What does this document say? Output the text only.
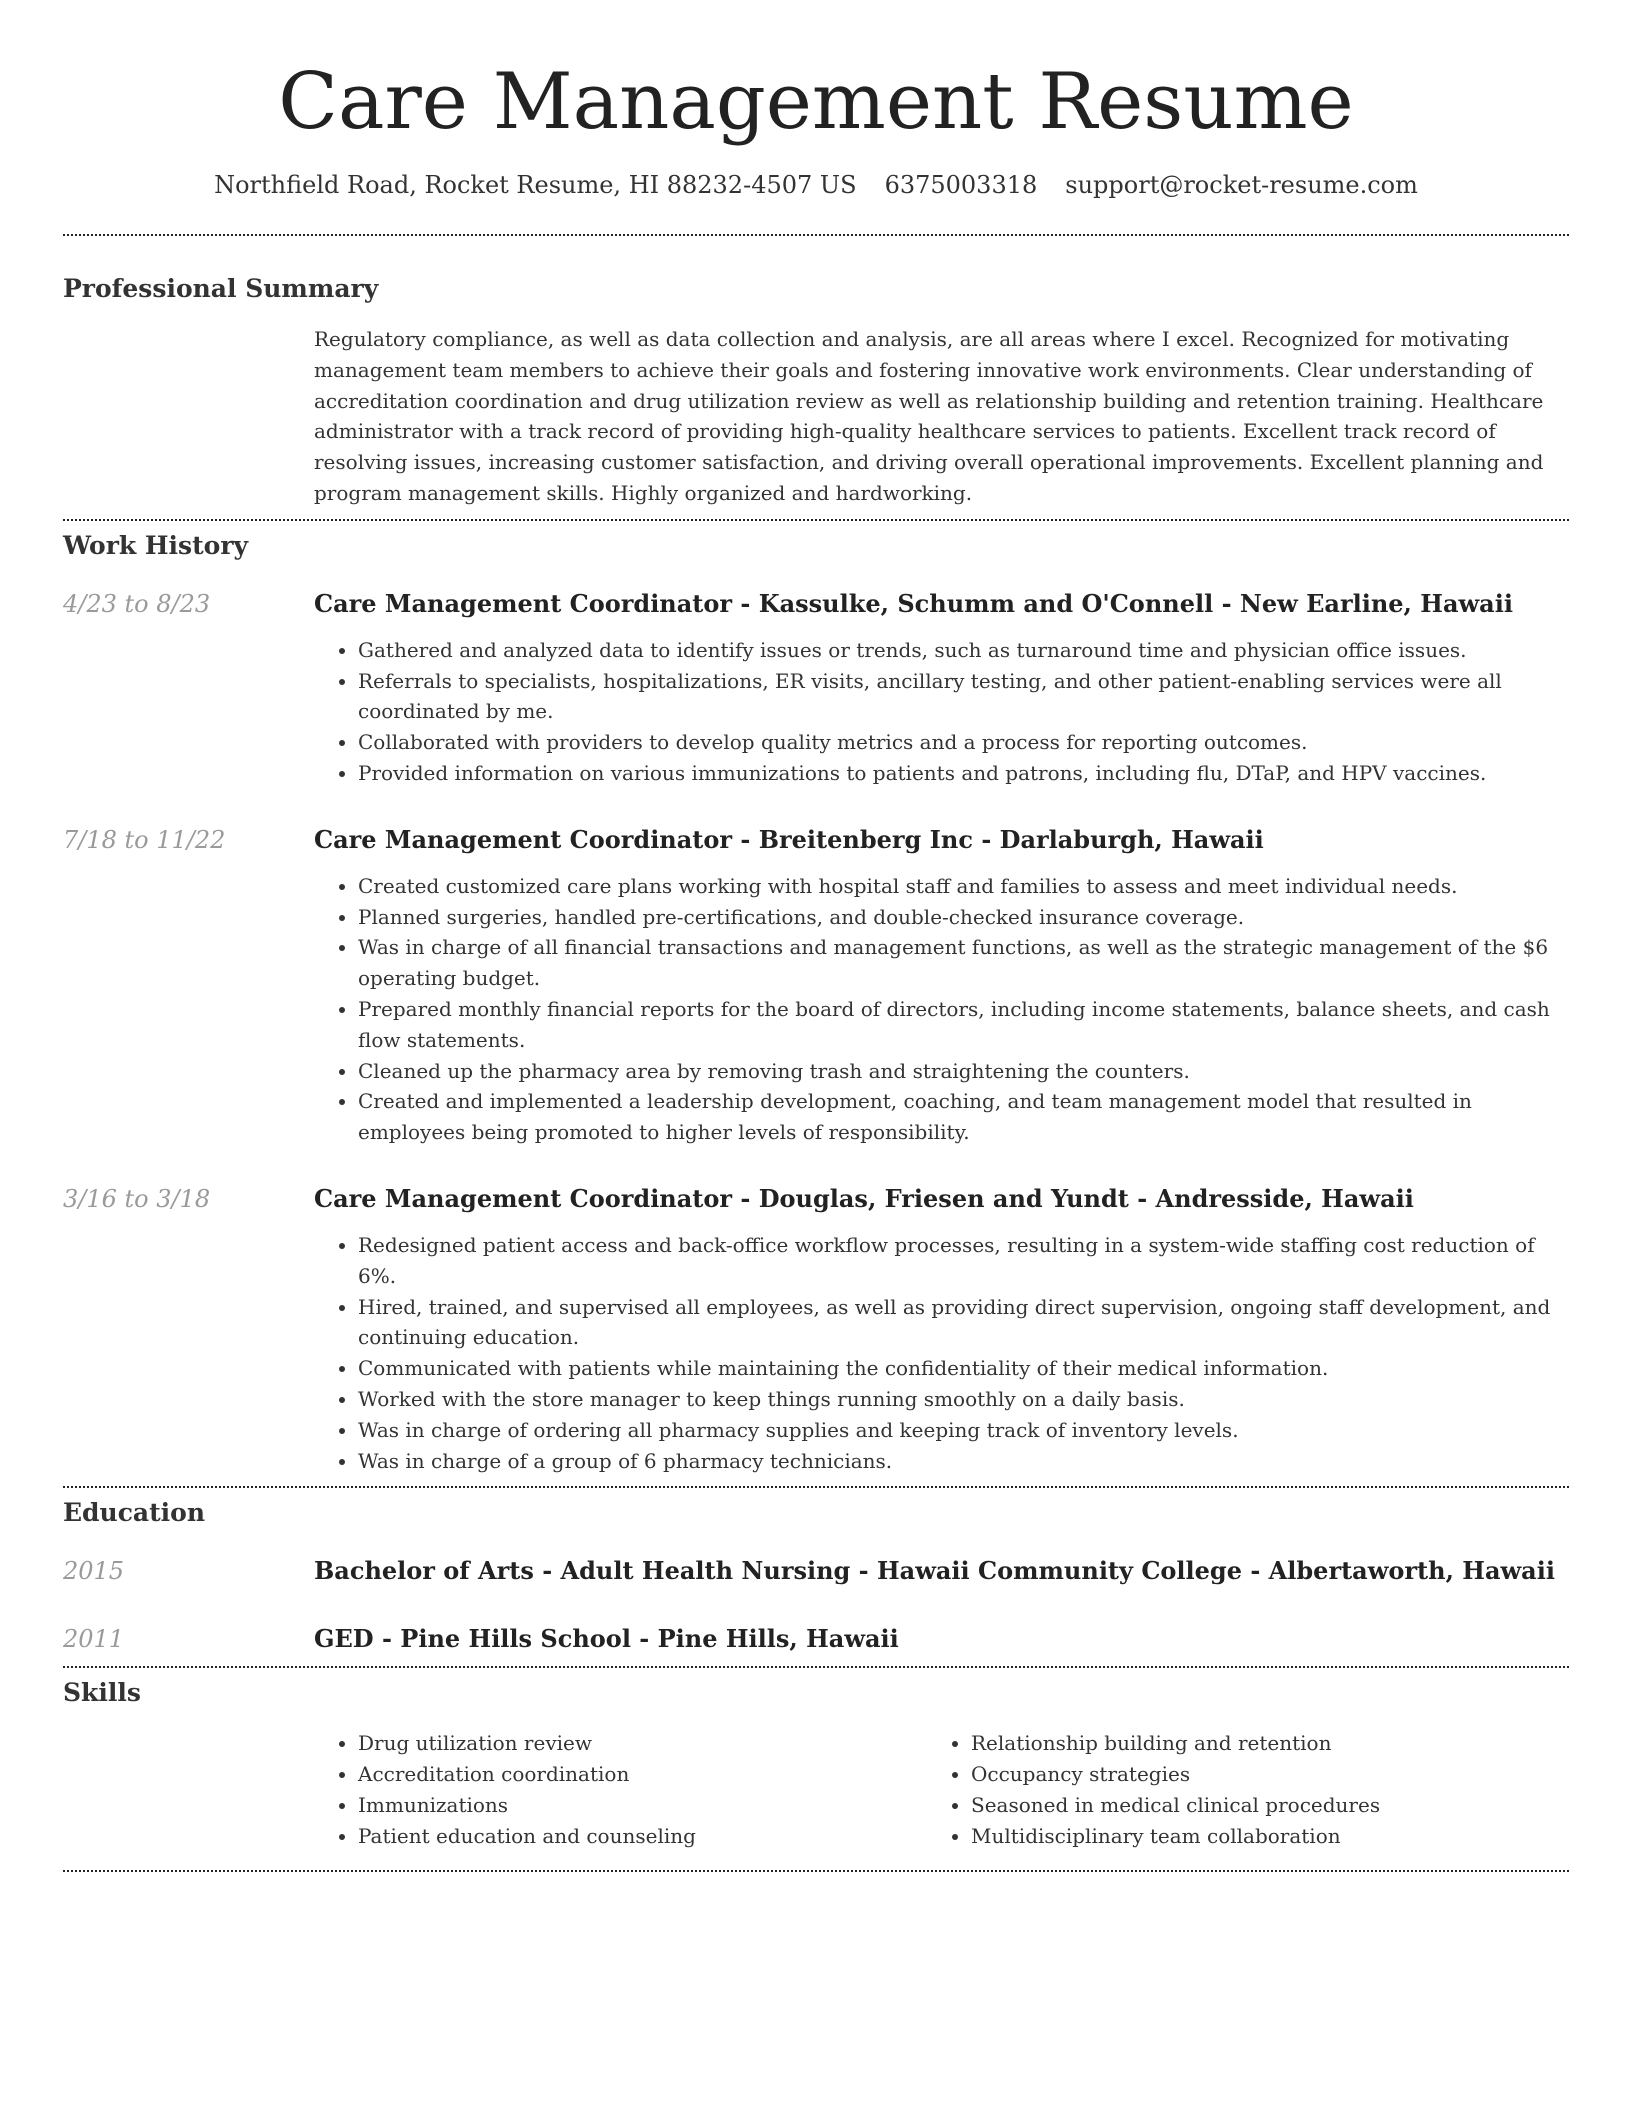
Care Management Resume
Northfield Road, Rocket Resume, HI 88232-4507 US 6375003318 support@rocket-resume.com
Professional Summary

Regulatory compliance, as well as data collection and analysis, are all areas where I excel. Recognized for motivating management team members to achieve their goals and fostering innovative work environments. Clear understanding of accreditation coordination and drug utilization review as well as relationship building and retention training. Healthcare administrator with a track record of providing high-quality healthcare services to patients. Excellent track record of resolving issues, increasing customer satisfaction, and driving overall operational improvements. Excellent planning and program management skills. Highly organized and hardworking.

Work History
4/23 to 8/23	Care Management Coordinator - Kassulke, Schumm and O'Connell - New Earline, Hawaii
• Gathered and analyzed data to identify issues or trends, such as turnaround time and physician office issues.
• Referrals to specialists, hospitalizations, ER visits, ancillary testing, and other patient-enabling services were all coordinated by me.
• Collaborated with providers to develop quality metrics and a process for reporting outcomes.
• Provided information on various immunizations to patients and patrons, including flu, DTaP, and HPV vaccines.
7/18 to 11/22	Care Management Coordinator - Breitenberg Inc - Darlaburgh, Hawaii
• Created customized care plans working with hospital staff and families to assess and meet individual needs.
• Planned surgeries, handled pre-certifications, and double-checked insurance coverage.
• Was in charge of all financial transactions and management functions, as well as the strategic management of the $6 operating budget.
• Prepared monthly financial reports for the board of directors, including income statements, balance sheets, and cash flow statements.
• Cleaned up the pharmacy area by removing trash and straightening the counters.
• Created and implemented a leadership development, coaching, and team management model that resulted in employees being promoted to higher levels of responsibility.
3/16 to 3/18	Care Management Coordinator - Douglas, Friesen and Yundt - Andresside, Hawaii
• Redesigned patient access and back-office workflow processes, resulting in a system-wide staffing cost reduction of 6%.
• Hired, trained, and supervised all employees, as well as providing direct supervision, ongoing staff development, and continuing education.
• Communicated with patients while maintaining the confidentiality of their medical information.
• Worked with the store manager to keep things running smoothly on a daily basis.
• Was in charge of ordering all pharmacy supplies and keeping track of inventory levels.
• Was in charge of a group of 6 pharmacy technicians.
Education
2015	Bachelor of Arts - Adult Health Nursing - Hawaii Community College - Albertaworth, Hawaii
2011	GED - Pine Hills School - Pine Hills, Hawaii
Skills
• Drug utilization review
• Accreditation coordination
• Immunizations
• Patient education and counseling
• Relationship building and retention
• Occupancy strategies
• Seasoned in medical clinical procedures
• Multidisciplinary team collaboration
